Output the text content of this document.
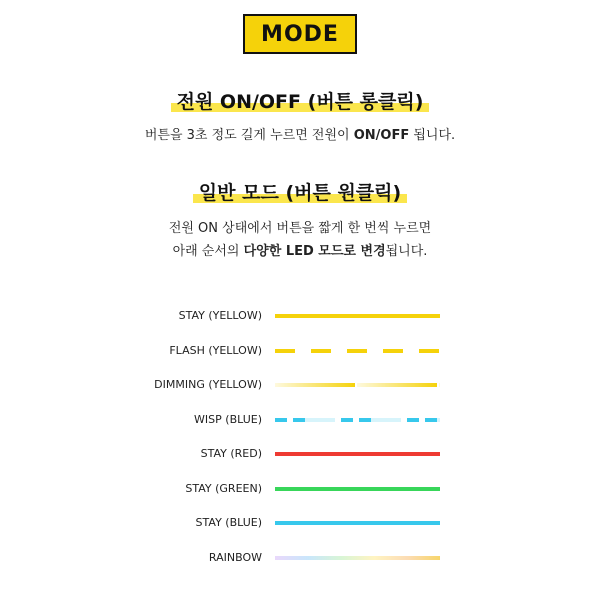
MODE
전원 ON/OFF (버튼 롱클릭)
버튼을 3초 정도 길게 누르면 전원이 ON/OFF 됩니다.
일반 모드 (버튼 원클릭)
전원 ON 상태에서 버튼을 짧게 한 번씩 누르면
아래 순서의 다양한 LED 모드로 변경됩니다.
STAY (YELLOW)
FLASH (YELLOW)
DIMMING (YELLOW)
WISP (BLUE)
STAY (RED)
STAY (GREEN)
STAY (BLUE)
RAINBOW
